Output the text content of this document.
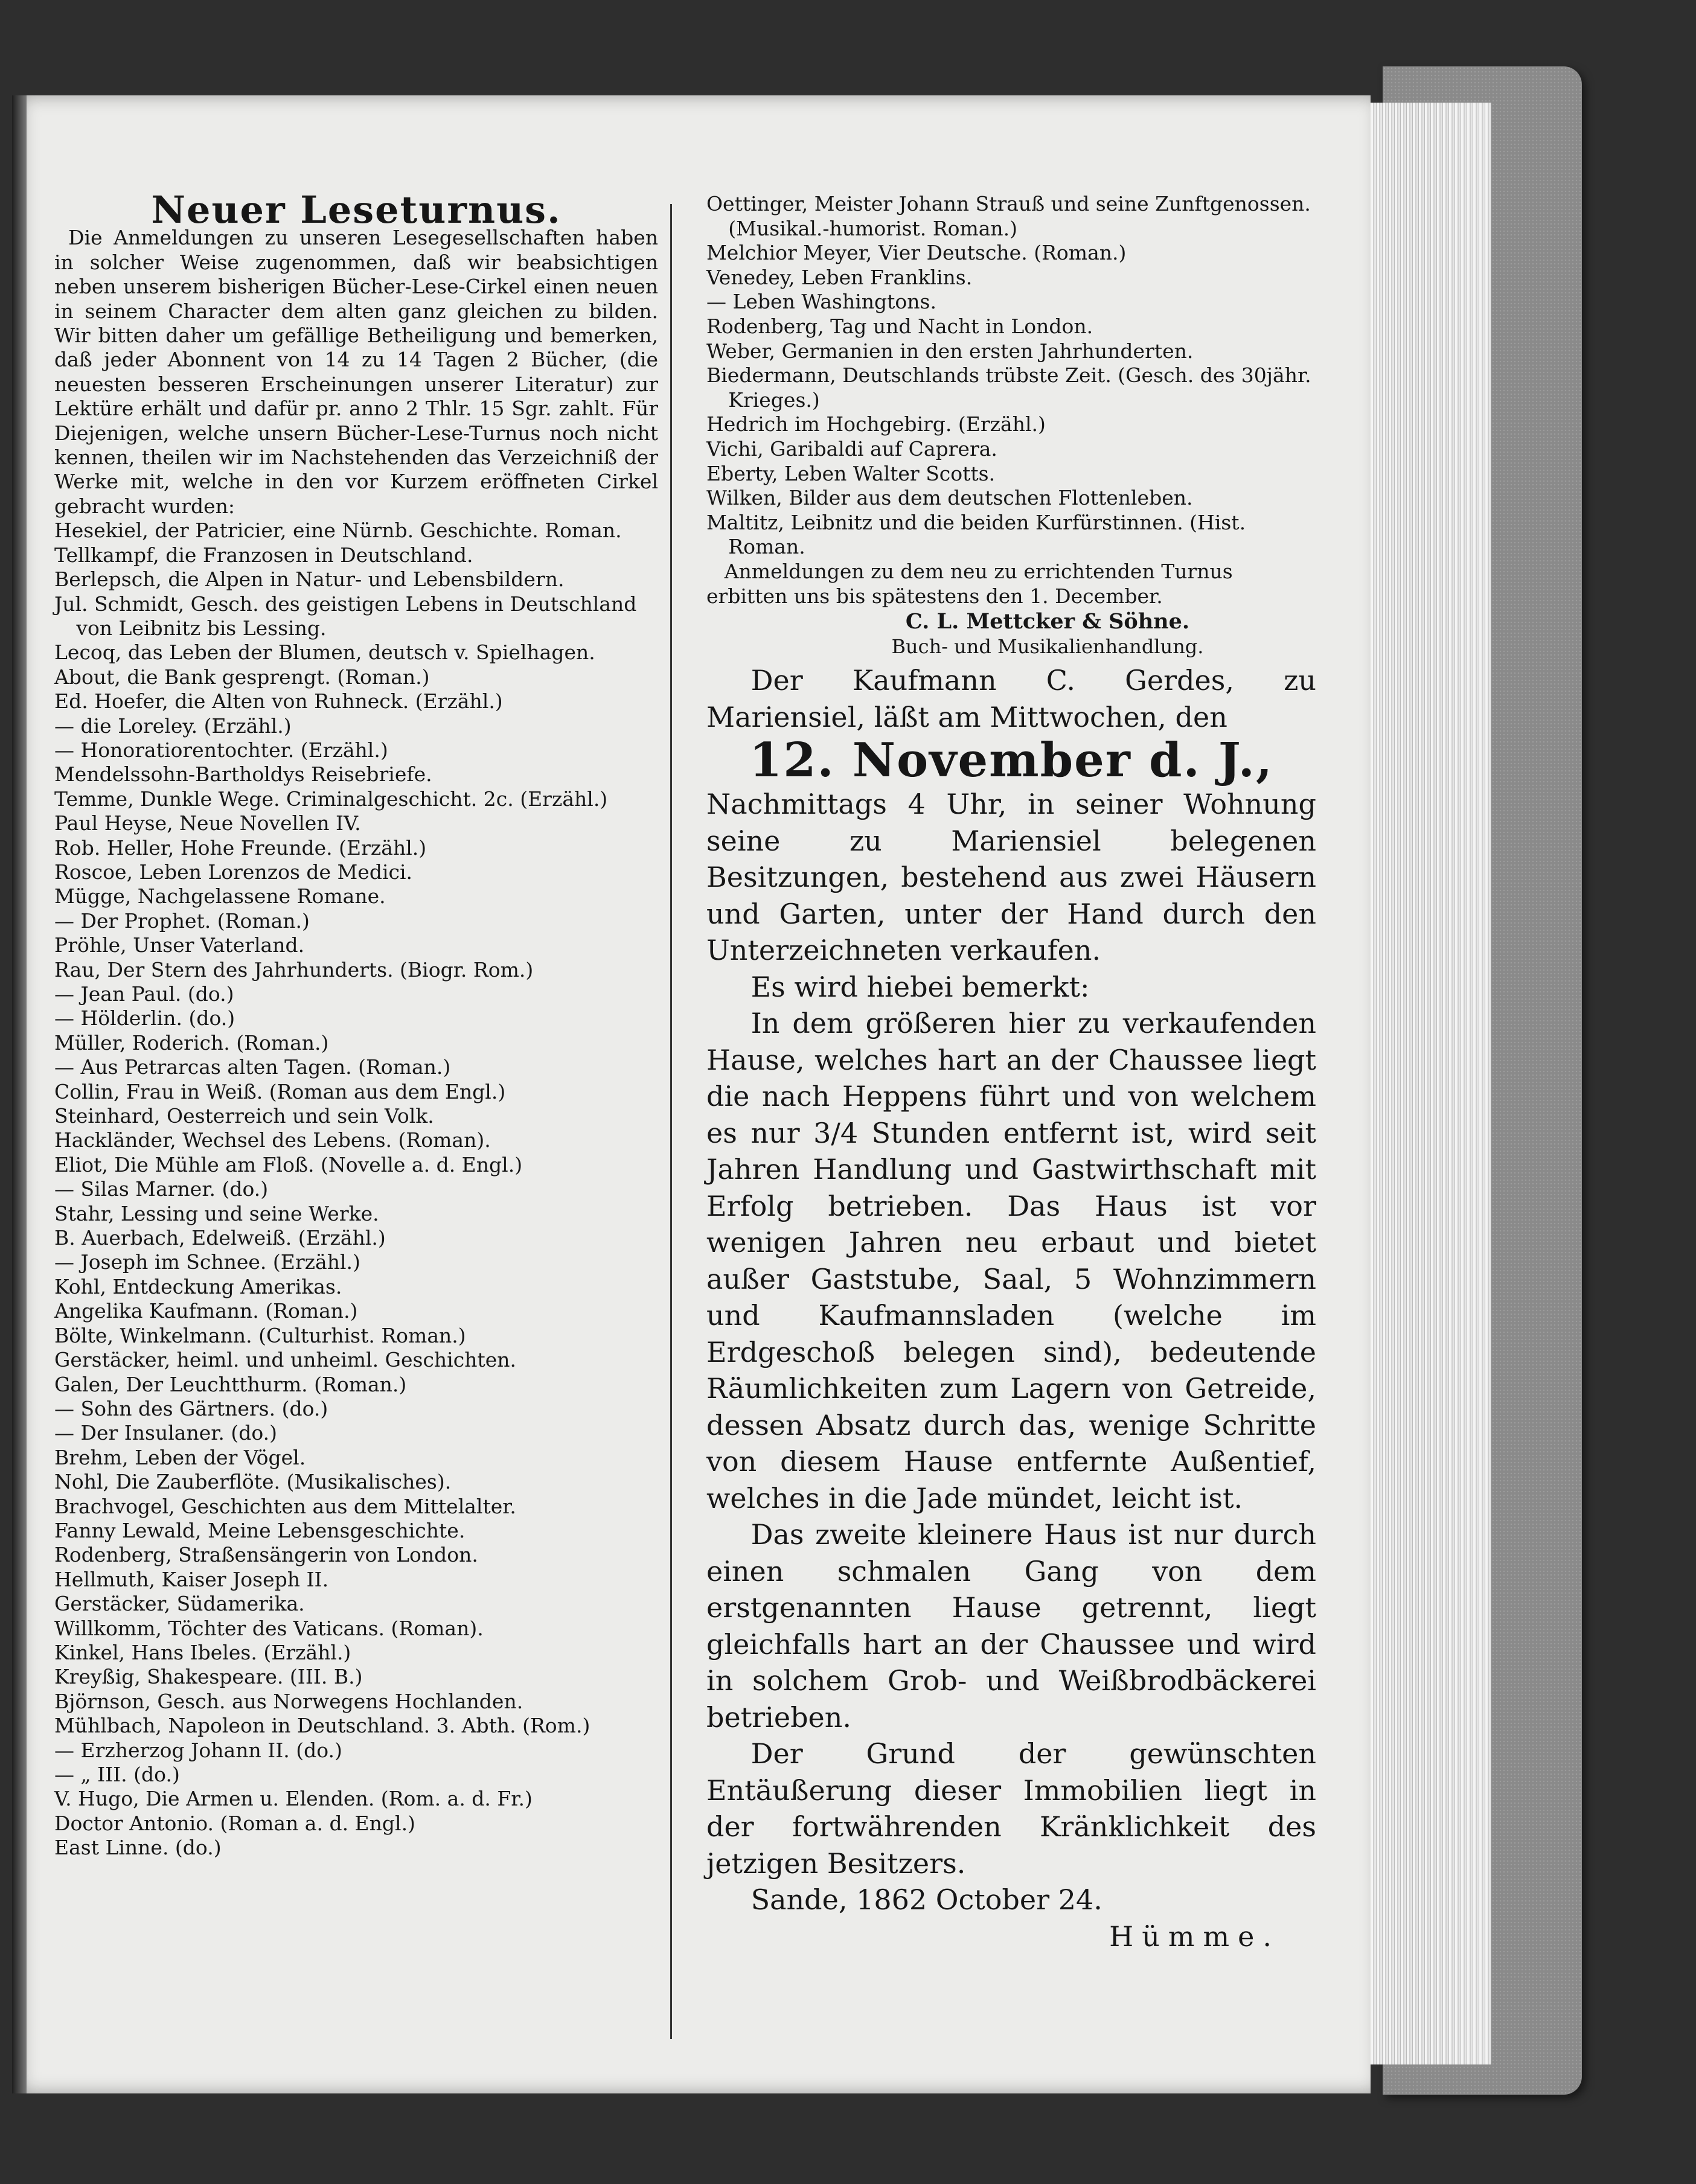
Neuer Leseturnus.

Die Anmeldungen zu unseren Lesegesellschaften haben in solcher Weise zugenommen, daß wir beabsichtigen neben unserem bisherigen Bücher-Lese-Cirkel einen neuen in seinem Character dem alten ganz gleichen zu bilden. Wir bitten daher um gefällige Betheiligung und bemerken, daß jeder Abonnent von 14 zu 14 Tagen 2 Bücher, (die neuesten besseren Erscheinungen unserer Literatur) zur Lektüre erhält und dafür pr. anno 2 Thlr. 15 Sgr. zahlt. Für Diejenigen, welche unsern Bücher-Lese-Turnus noch nicht kennen, theilen wir im Nachstehenden das Verzeichniß der Werke mit, welche in den vor Kurzem eröffneten Cirkel gebracht wurden:

Hesekiel, der Patricier, eine Nürnb. Geschichte. Roman.

Tellkampf, die Franzosen in Deutschland.

Berlepsch, die Alpen in Natur- und Lebensbildern.

Jul. Schmidt, Gesch. des geistigen Lebens in Deutschland von Leibnitz bis Lessing.

Lecoq, das Leben der Blumen, deutsch v. Spielhagen.

About, die Bank gesprengt. (Roman.)

Ed. Hoefer, die Alten von Ruhneck. (Erzähl.)

— die Loreley. (Erzähl.)

— Honoratiorentochter. (Erzähl.)

Mendelssohn-Bartholdys Reisebriefe.

Temme, Dunkle Wege. Criminalgeschicht. 2c. (Erzähl.)

Paul Heyse, Neue Novellen IV.

Rob. Heller, Hohe Freunde. (Erzähl.)

Roscoe, Leben Lorenzos de Medici.

Mügge, Nachgelassene Romane.

— Der Prophet. (Roman.)

Pröhle, Unser Vaterland.

Rau, Der Stern des Jahrhunderts. (Biogr. Rom.)

— Jean Paul. (do.)

— Hölderlin. (do.)

Müller, Roderich. (Roman.)

— Aus Petrarcas alten Tagen. (Roman.)

Collin, Frau in Weiß. (Roman aus dem Engl.)

Steinhard, Oesterreich und sein Volk.

Hackländer, Wechsel des Lebens. (Roman).

Eliot, Die Mühle am Floß. (Novelle a. d. Engl.)

— Silas Marner. (do.)

Stahr, Lessing und seine Werke.

B. Auerbach, Edelweiß. (Erzähl.)

— Joseph im Schnee. (Erzähl.)

Kohl, Entdeckung Amerikas.

Angelika Kaufmann. (Roman.)

Bölte, Winkelmann. (Culturhist. Roman.)

Gerstäcker, heiml. und unheiml. Geschichten.

Galen, Der Leuchtthurm. (Roman.)

— Sohn des Gärtners. (do.)

— Der Insulaner. (do.)

Brehm, Leben der Vögel.

Nohl, Die Zauberflöte. (Musikalisches).

Brachvogel, Geschichten aus dem Mittelalter.

Fanny Lewald, Meine Lebensgeschichte.

Rodenberg, Straßensängerin von London.

Hellmuth, Kaiser Joseph II.

Gerstäcker, Südamerika.

Willkomm, Töchter des Vaticans. (Roman).

Kinkel, Hans Ibeles. (Erzähl.)

Kreyßig, Shakespeare. (III. B.)

Björnson, Gesch. aus Norwegens Hochlanden.

Mühlbach, Napoleon in Deutschland. 3. Abth. (Rom.)

— Erzherzog Johann II. (do.)

— „ III. (do.)

V. Hugo, Die Armen u. Elenden. (Rom. a. d. Fr.)

Doctor Antonio. (Roman a. d. Engl.)

East Linne. (do.)

Oettinger, Meister Johann Strauß und seine Zunftgenossen. (Musikal.-humorist. Roman.)

Melchior Meyer, Vier Deutsche. (Roman.)

Venedey, Leben Franklins.

— Leben Washingtons.

Rodenberg, Tag und Nacht in London.

Weber, Germanien in den ersten Jahrhunderten.

Biedermann, Deutschlands trübste Zeit. (Gesch. des 30jähr. Krieges.)

Hedrich im Hochgebirg. (Erzähl.)

Vichi, Garibaldi auf Caprera.

Eberty, Leben Walter Scotts.

Wilken, Bilder aus dem deutschen Flottenleben.

Maltitz, Leibnitz und die beiden Kurfürstinnen. (Hist. Roman.

Anmeldungen zu dem neu zu errichtenden Turnus erbitten uns bis spätestens den 1. December.

C. L. Mettcker & Söhne.

Buch- und Musikalienhandlung.

Der Kaufmann C. Gerdes, zu Mariensiel, läßt am Mittwochen, den

12. November d. J.,

Nachmittags 4 Uhr, in seiner Wohnung seine zu Mariensiel belegenen Besitzungen, bestehend aus zwei Häusern und Garten, unter der Hand durch den Unterzeichneten verkaufen.

Es wird hiebei bemerkt:

In dem größeren hier zu verkaufenden Hause, welches hart an der Chaussee liegt die nach Heppens führt und von welchem es nur 3/4 Stunden entfernt ist, wird seit Jahren Handlung und Gastwirthschaft mit Erfolg betrieben. Das Haus ist vor wenigen Jahren neu erbaut und bietet außer Gaststube, Saal, 5 Wohnzimmern und Kaufmannsladen (welche im Erdgeschoß belegen sind), bedeutende Räumlichkeiten zum Lagern von Getreide, dessen Absatz durch das, wenige Schritte von diesem Hause entfernte Außentief, welches in die Jade mündet, leicht ist.

Das zweite kleinere Haus ist nur durch einen schmalen Gang von dem erstgenannten Hause getrennt, liegt gleichfalls hart an der Chaussee und wird in solchem Grob- und Weißbrodbäckerei betrieben.

Der Grund der gewünschten Entäußerung dieser Immobilien liegt in der fortwährenden Kränklichkeit des jetzigen Besitzers.

Sande, 1862 October 24.

Hümme.
